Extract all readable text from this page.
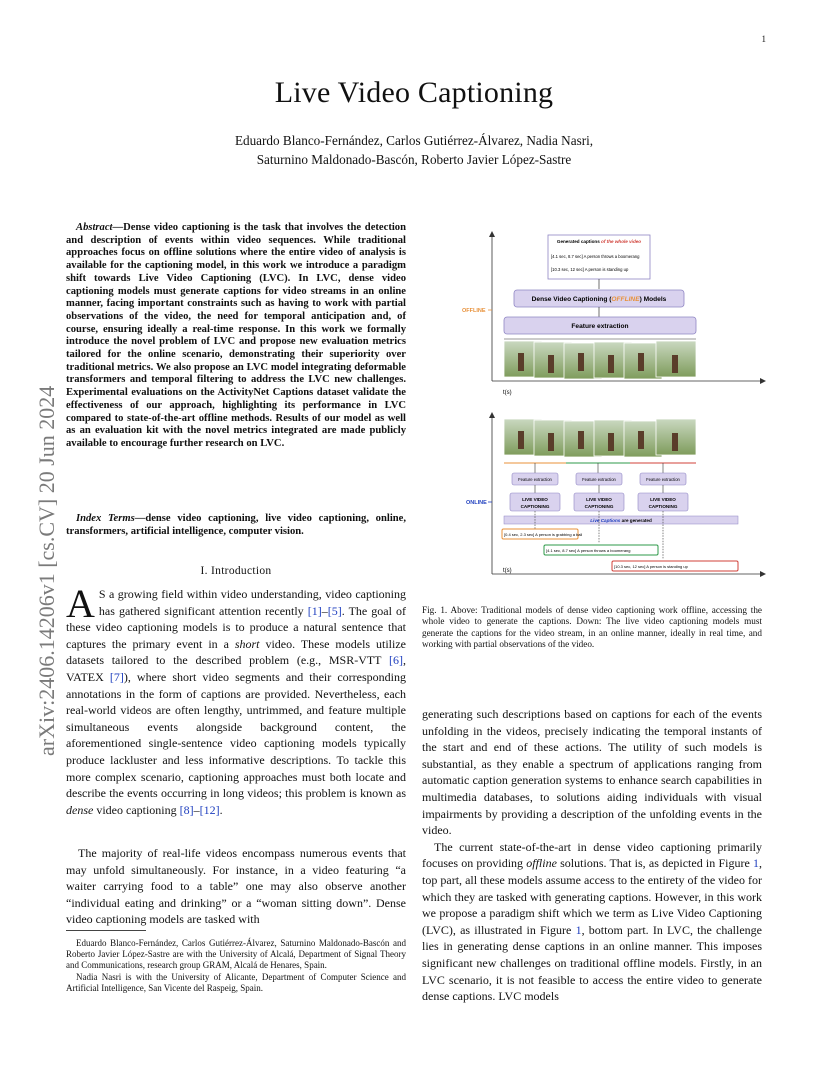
1
arXiv:2406.14206v1 [cs.CV] 20 Jun 2024
Live Video Captioning
Eduardo Blanco-Fernández, Carlos Gutiérrez-Álvarez, Nadia Nasri,
Saturnino Maldonado-Bascón, Roberto Javier López-Sastre
Abstract—Dense video captioning is the task that involves the detection and description of events within video sequences. While traditional approaches focus on offline solutions where the entire video of analysis is available for the captioning model, in this work we introduce a paradigm shift towards Live Video Captioning (LVC). In LVC, dense video captioning models must generate captions for video streams in an online manner, facing important constraints such as having to work with partial observations of the video, the need for temporal anticipation and, of course, ensuring ideally a real-time response. In this work we formally introduce the novel problem of LVC and propose new evaluation metrics tailored for the online scenario, demonstrating their superiority over traditional metrics. We also propose an LVC model integrating deformable transformers and temporal filtering to address the LVC new challenges. Experimental evaluations on the ActivityNet Captions dataset validate the effectiveness of our approach, highlighting its performance in LVC compared to state-of-the-art offline methods. Results of our model as well as an evaluation kit with the novel metrics integrated are made publicly available to encourage further research on LVC.
Index Terms—dense video captioning, live video captioning, online, transformers, artificial intelligence, computer vision.
I. Introduction
A S a growing field within video understanding, video captioning has gathered significant attention recently [1]–[5]. The goal of these video captioning models is to produce a natural sentence that captures the primary event in a short video. These models utilize datasets tailored to the described problem (e.g., MSR-VTT [6], VATEX [7]), where short video segments and their corresponding annotations in the form of captions are provided. Nevertheless, each real-world videos are often lengthy, untrimmed, and feature multiple simultaneous events alongside background content, the aforementioned single-sentence video captioning models typically produce lackluster and less informative descriptions. To tackle this more complex scenario, captioning approaches must both locate and describe the events occurring in long videos; this problem is known as dense video captioning [8]–[12].
The majority of real-life videos encompass numerous events that may unfold simultaneously. For instance, in a video featuring “a waiter carrying food to a table” one may also observe another “individual eating and drinking” or a “woman sitting down”. Dense video captioning models are tasked with

Eduardo Blanco-Fernández, Carlos Gutiérrez-Álvarez, Saturnino Maldonado-Bascón and Roberto Javier López-Sastre are with the University of Alcalá, Department of Signal Theory and Communications, research group GRAM, Alcalá de Henares, Spain.

Nadia Nasri is with the University of Alicante, Department of Computer Science and Artificial Intelligence, San Vicente del Raspeig, Spain.

t(s)
OFFLINE
Generated captions of the whole video
[4.1 sec, 8.7 sec] A person throws a boomerang
[10.3 sec, 12 sec] A person is standing up
Dense Video Captioning (OFFLINE) Models
Feature extraction
t(s)
ONLINE
Feature extraction	Feature extraction	Feature extraction
LIVE VIDEO
CAPTIONING
LIVE VIDEO
CAPTIONING
LIVE VIDEO
CAPTIONING
Live Captions are generated
[0.4 sec, 2.3 sec] A person is grabbing a ball
[4.1 sec, 8.7 sec] A person throws a boomerang
[10.3 sec, 12 sec] A person is standing up
Fig. 1. Above: Traditional models of dense video captioning work offline, accessing the whole video to generate the captions. Down: The live video captioning models must generate the captions for the video stream, in an online manner, ideally in real time, and working with partial observations of the video.

generating such descriptions based on captions for each of the events unfolding in the videos, precisely indicating the temporal instants of the start and end of these actions. The utility of such models is substantial, as they enable a spectrum of applications ranging from automatic caption generation systems to enhance search capabilities in multimedia databases, to solutions aiding individuals with visual impairments by providing a description of the unfolding events in the video.

The current state-of-the-art in dense video captioning primarily focuses on providing offline solutions. That is, as depicted in Figure 1, top part, all these models assume access to the entirety of the video for which they are tasked with generating captions. However, in this work we propose a paradigm shift which we term as Live Video Captioning (LVC), as illustrated in Figure 1, bottom part. In LVC, the challenge lies in generating dense captions in an online manner. This imposes significant new challenges on traditional offline models. Firstly, in an LVC scenario, it is not feasible to access the entire video to generate dense captions. LVC models
